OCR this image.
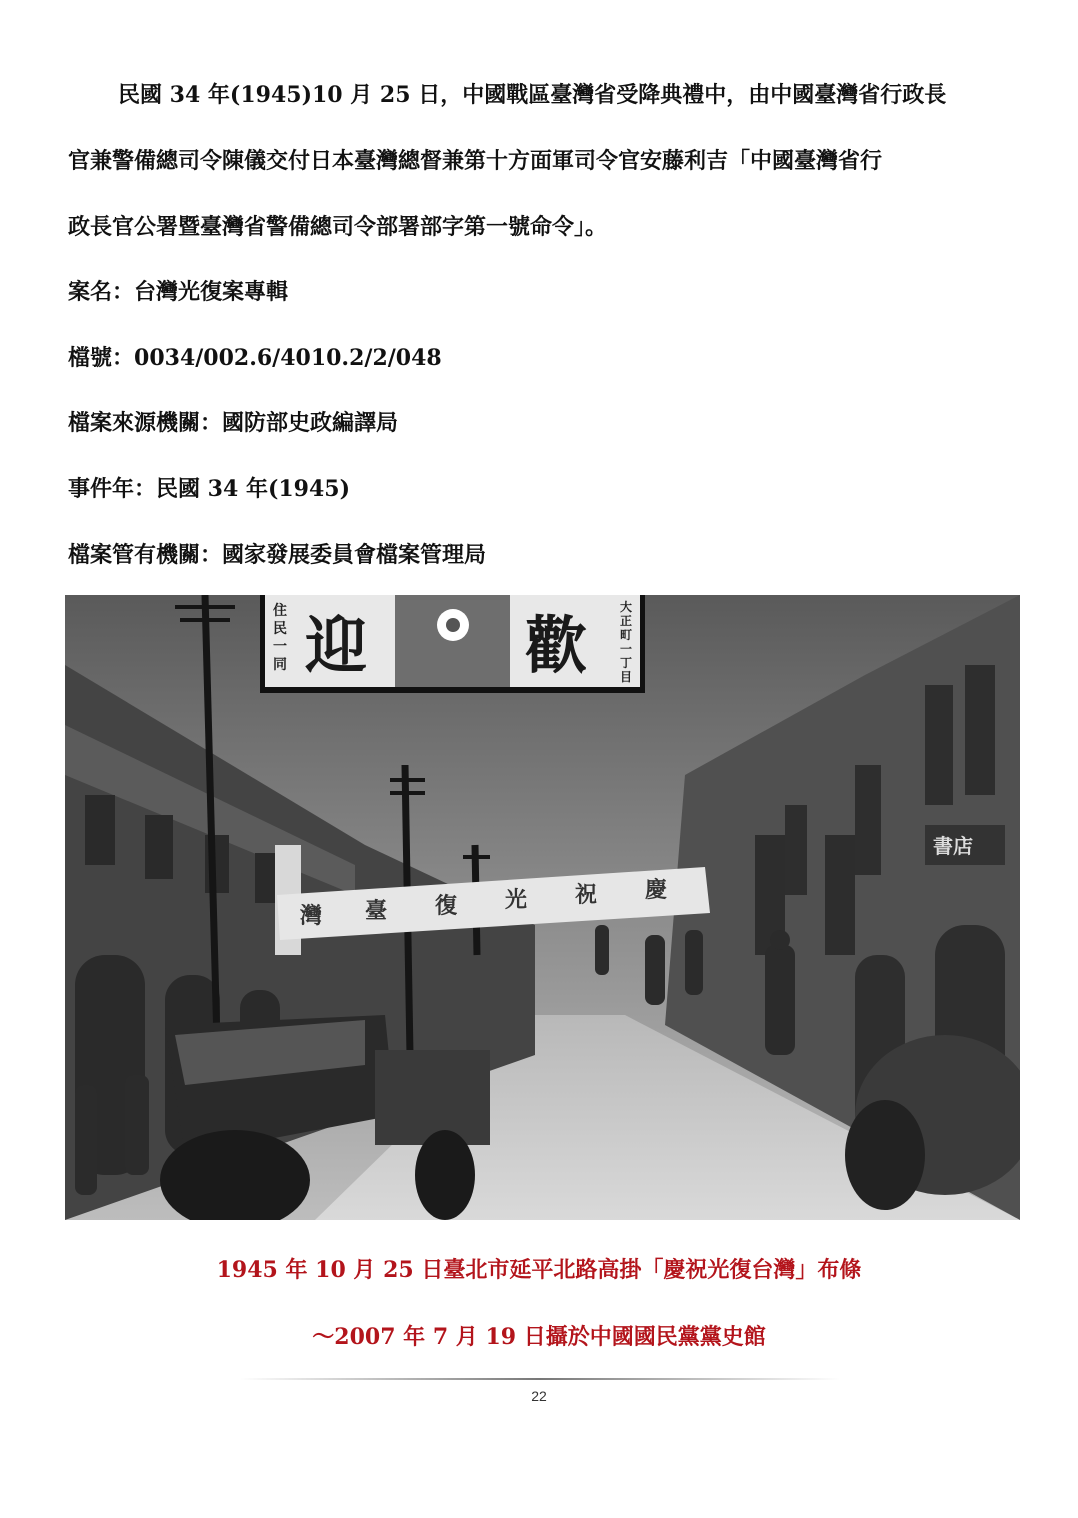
民國 34 年(1945)10 月 25 日，中國戰區臺灣省受降典禮中，由中國臺灣省行政長
官兼警備總司令陳儀交付日本臺灣總督兼第十方面軍司令官安藤利吉「中國臺灣省行
政長官公署暨臺灣省警備總司令部署部字第一號命令」。

案名：台灣光復案專輯

檔號：0034/002.6/4010.2/2/048

檔案來源機關：國防部史政編譯局

事件年：民國 34 年(1945)

檔案管有機關：國家發展委員會檔案管理局

書店
住
民
一
同
大
正
町
一
丁
目
迎	歡
慶
祝
光
復
臺
灣

1945 年 10 月 25 日臺北市延平北路高掛「慶祝光復台灣」布條

～2007 年 7 月 19 日攝於中國國民黨黨史館

22
